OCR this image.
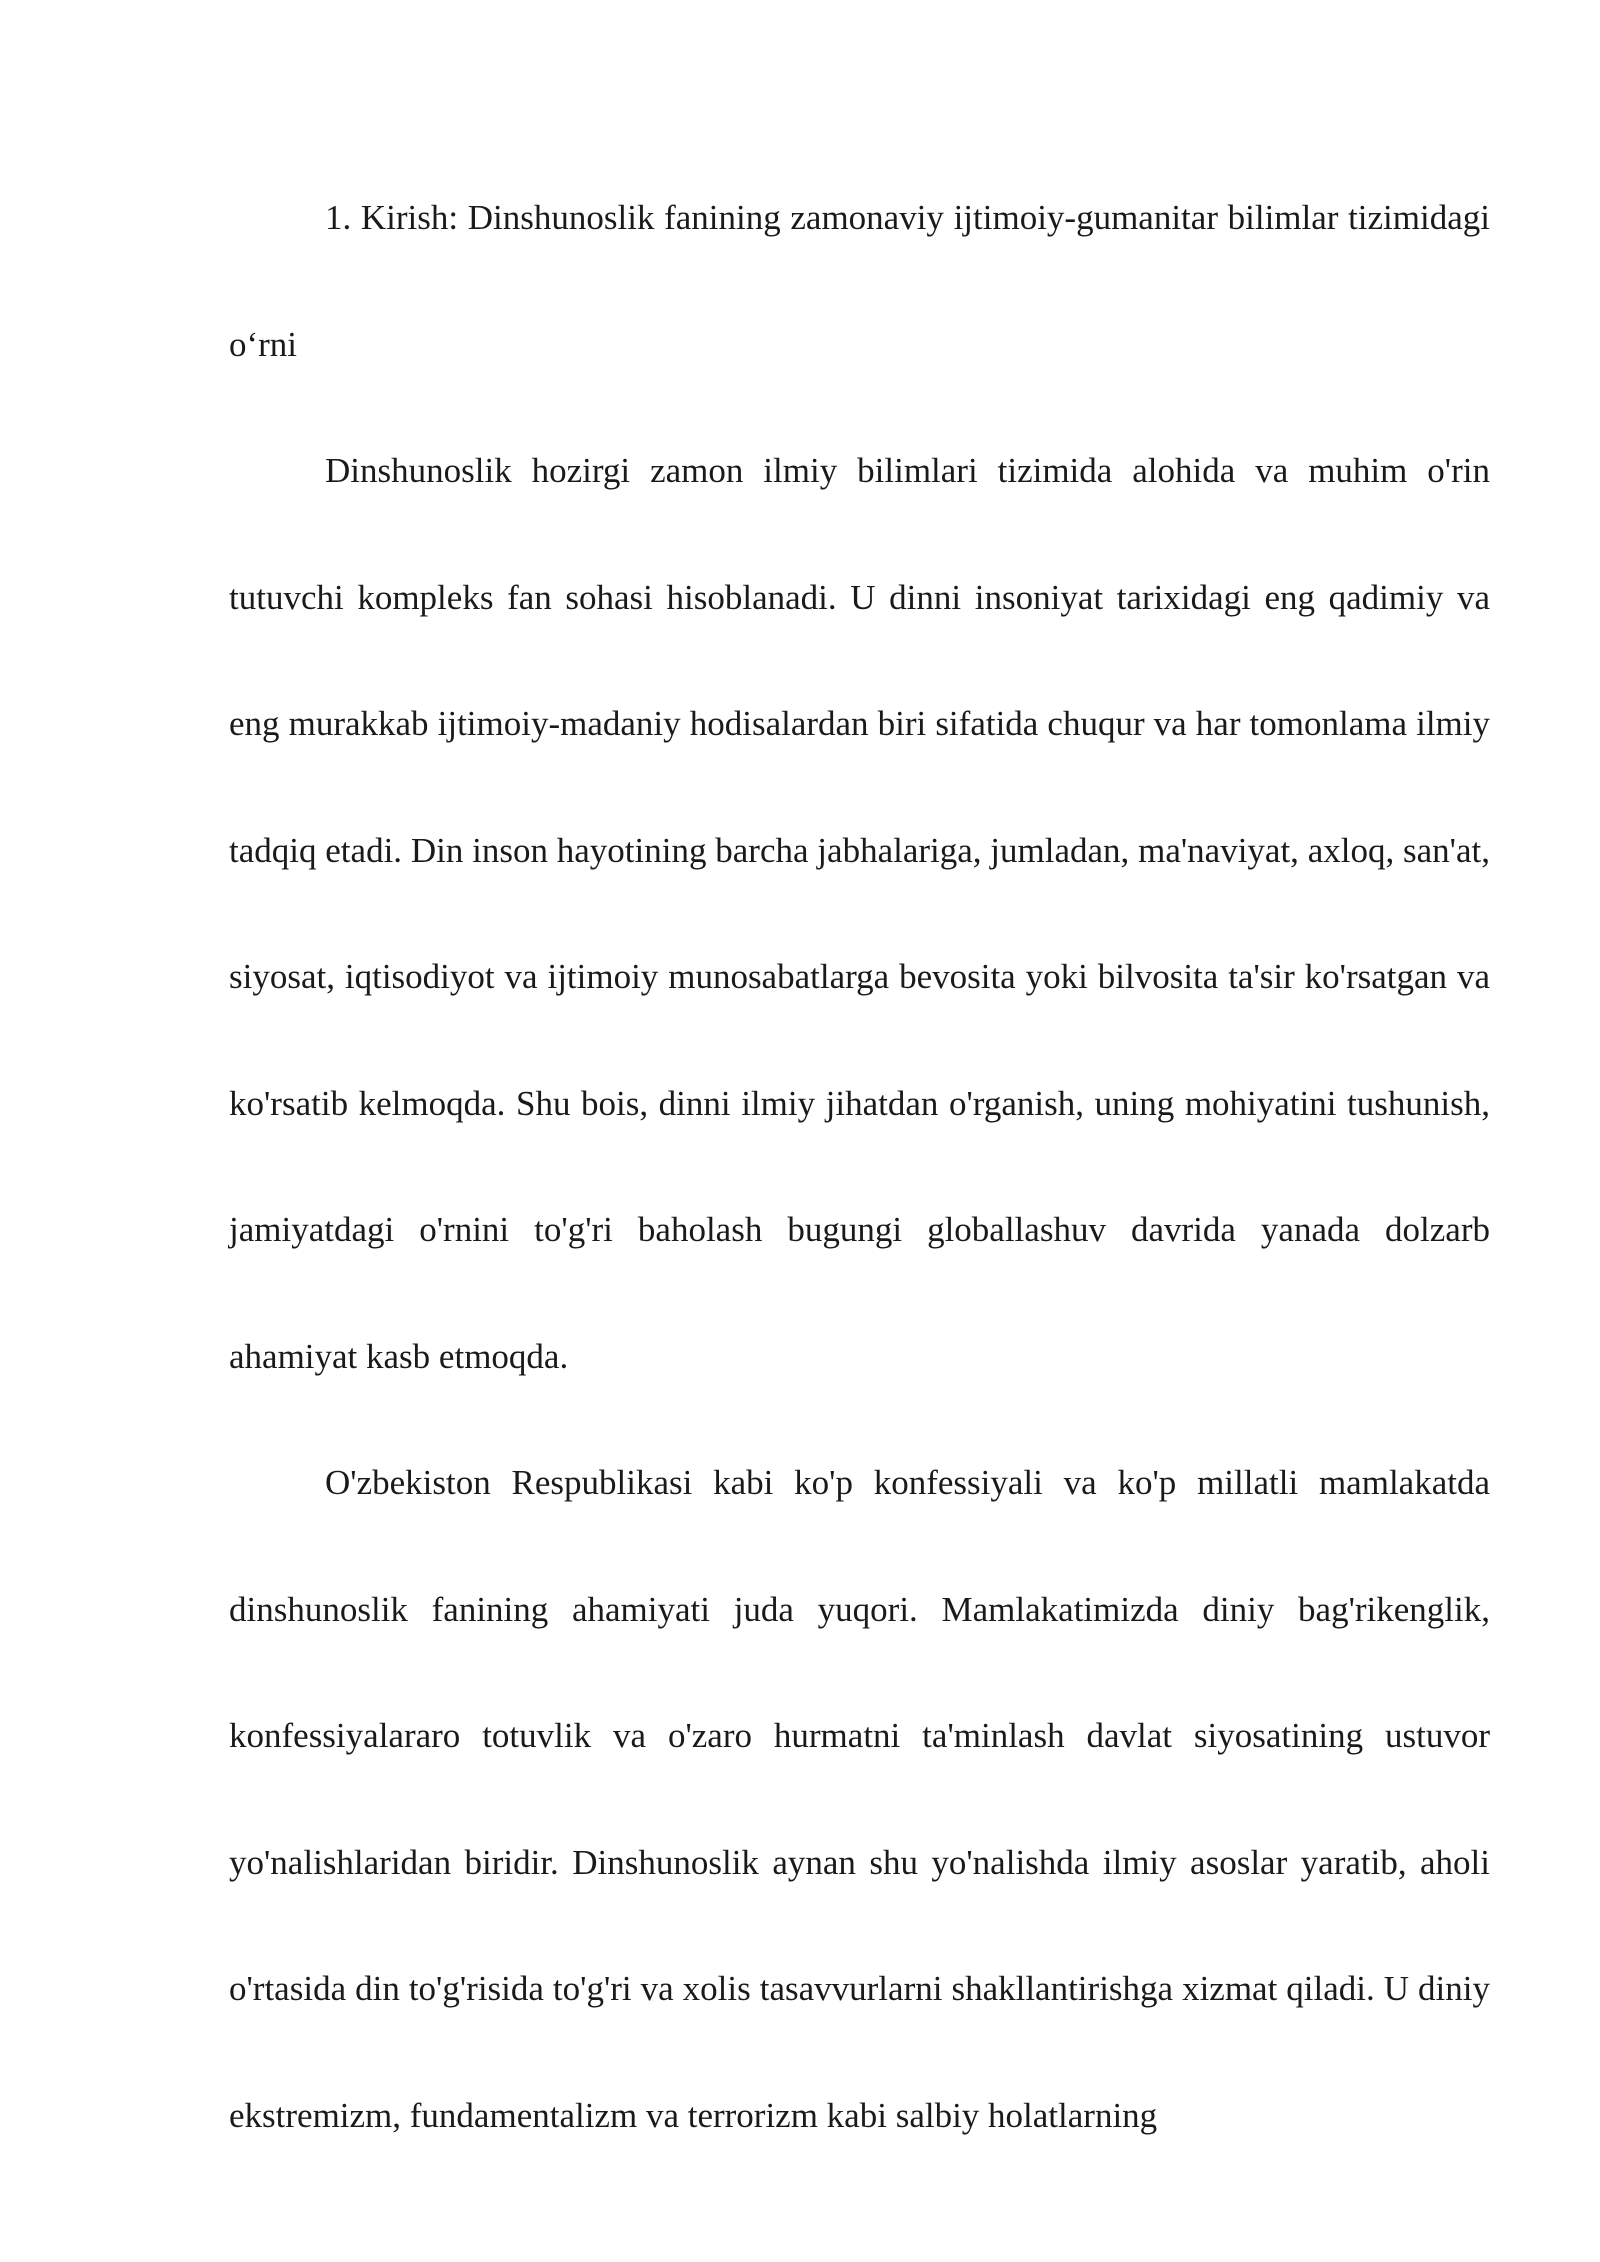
1. Kirish: Dinshunoslik fanining zamonaviy ijtimoiy-gumanitar bilimlar tizimidagi o‘rni

Dinshunoslik hozirgi zamon ilmiy bilimlari tizimida alohida va muhim o'rin tutuvchi kompleks fan sohasi hisoblanadi. U dinni insoniyat tarixidagi eng qadimiy va eng murakkab ijtimoiy-madaniy hodisalardan biri sifatida chuqur va har tomonlama ilmiy tadqiq etadi. Din inson hayotining barcha jabhalariga, jumladan, ma'naviyat, axloq, san'at, siyosat, iqtisodiyot va ijtimoiy munosabatlarga bevosita yoki bilvosita ta'sir ko'rsatgan va ko'rsatib kelmoqda. Shu bois, dinni ilmiy jihatdan o'rganish, uning mohiyatini tushunish, jamiyatdagi o'rnini to'g'ri baholash bugungi globallashuv davrida yanada dolzarb ahamiyat kasb etmoqda.

O'zbekiston Respublikasi kabi ko'p konfessiyali va ko'p millatli mamlakatda dinshunoslik fanining ahamiyati juda yuqori. Mamlakatimizda diniy bag'rikenglik, konfessiyalararo totuvlik va o'zaro hurmatni ta'minlash davlat siyosatining ustuvor yo'nalishlaridan biridir. Dinshunoslik aynan shu yo'nalishda ilmiy asoslar yaratib, aholi o'rtasida din to'g'risida to'g'ri va xolis tasavvurlarni shakllantirishga xizmat qiladi. U diniy ekstremizm, fundamentalizm va terrorizm kabi salbiy holatlarning
